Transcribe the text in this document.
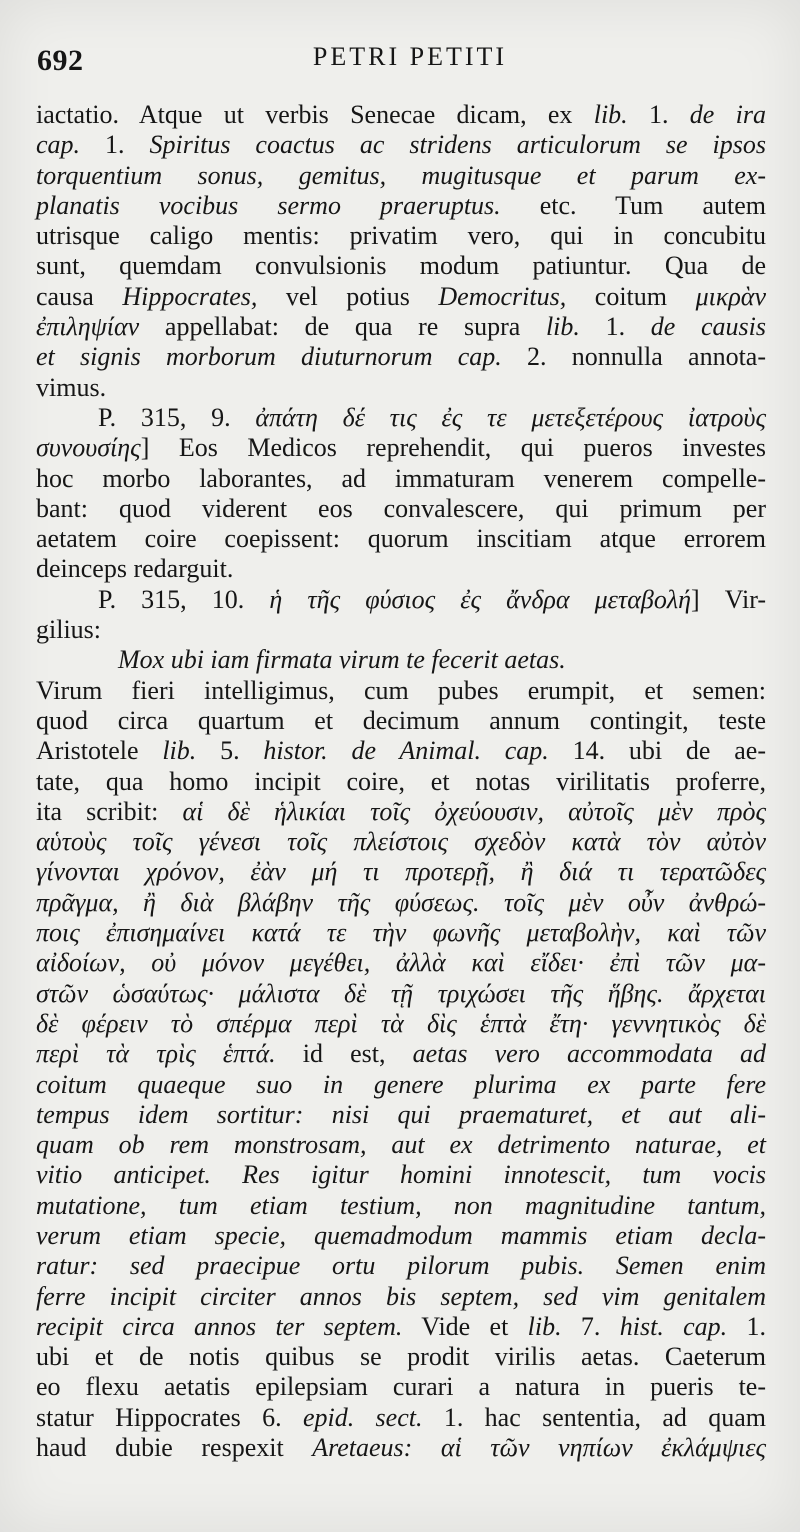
692	PETRI PETITI
iactatio. Atque ut verbis Senecae dicam, ex lib. 1. de ira
cap. 1. Spiritus coactus ac stridens articulorum se ipsos
torquentium sonus, gemitus, mugitusque et parum ex-
planatis vocibus sermo praeruptus. etc. Tum autem
utrisque caligo mentis: privatim vero, qui in concubitu
sunt, quemdam convulsionis modum patiuntur. Qua de
causa Hippocrates, vel potius Democritus, coitum μικρὰν
ἐπιληψίαν appellabat: de qua re supra lib. 1. de causis
et signis morborum diuturnorum cap. 2. nonnulla annota-
vimus.
P. 315, 9. ἀπάτη δέ τις ἐς τε μετεξετέρους ἰατροὺς
συνουσίης] Eos Medicos reprehendit, qui pueros investes
hoc morbo laborantes, ad immaturam venerem compelle-
bant: quod viderent eos convalescere, qui primum per
aetatem coire coepissent: quorum inscitiam atque errorem
deinceps redarguit.
P. 315, 10. ἡ τῆς φύσιος ἐς ἄνδρα μεταβολή] Vir-
gilius:
Mox ubi iam firmata virum te fecerit aetas.
Virum fieri intelligimus, cum pubes erumpit, et semen:
quod circa quartum et decimum annum contingit, teste
Aristotele lib. 5. histor. de Animal. cap. 14. ubi de ae-
tate, qua homo incipit coire, et notas virilitatis proferre,
ita scribit: αἱ δὲ ἡλικίαι τοῖς ὀχεύουσιν, αὐτοῖς μὲν πρὸς
αὑτοὺς τοῖς γένεσι τοῖς πλείστοις σχεδὸν κατὰ τὸν αὐτὸν
γίνονται χρόνον, ἐὰν μή τι προτερῇ, ἢ διά τι τερατῶδες
πρᾶγμα, ἢ διὰ βλάβην τῆς φύσεως. τοῖς μὲν οὖν ἀνθρώ-
ποις ἐπισημαίνει κατά τε τὴν φωνῆς μεταβολὴν, καὶ τῶν
αἰδοίων, οὐ μόνον μεγέθει, ἀλλὰ καὶ εἴδει· ἐπὶ τῶν μα-
στῶν ὡσαύτως· μάλιστα δὲ τῇ τριχώσει τῆς ἥβης. ἄρχεται
δὲ φέρειν τὸ σπέρμα περὶ τὰ δὶς ἑπτὰ ἔτη· γεννητικὸς δὲ
περὶ τὰ τρὶς ἑπτά. id est, aetas vero accommodata ad
coitum quaeque suo in genere plurima ex parte fere
tempus idem sortitur: nisi qui praematuret, et aut ali-
quam ob rem monstrosam, aut ex detrimento naturae, et
vitio anticipet. Res igitur homini innotescit, tum vocis
mutatione, tum etiam testium, non magnitudine tantum,
verum etiam specie, quemadmodum mammis etiam decla-
ratur: sed praecipue ortu pilorum pubis. Semen enim
ferre incipit circiter annos bis septem, sed vim genitalem
recipit circa annos ter septem. Vide et lib. 7. hist. cap. 1.
ubi et de notis quibus se prodit virilis aetas. Caeterum
eo flexu aetatis epilepsiam curari a natura in pueris te-
statur Hippocrates 6. epid. sect. 1. hac sententia, ad quam
haud dubie respexit Aretaeus: αἱ τῶν νηπίων ἐκλάμψιες
